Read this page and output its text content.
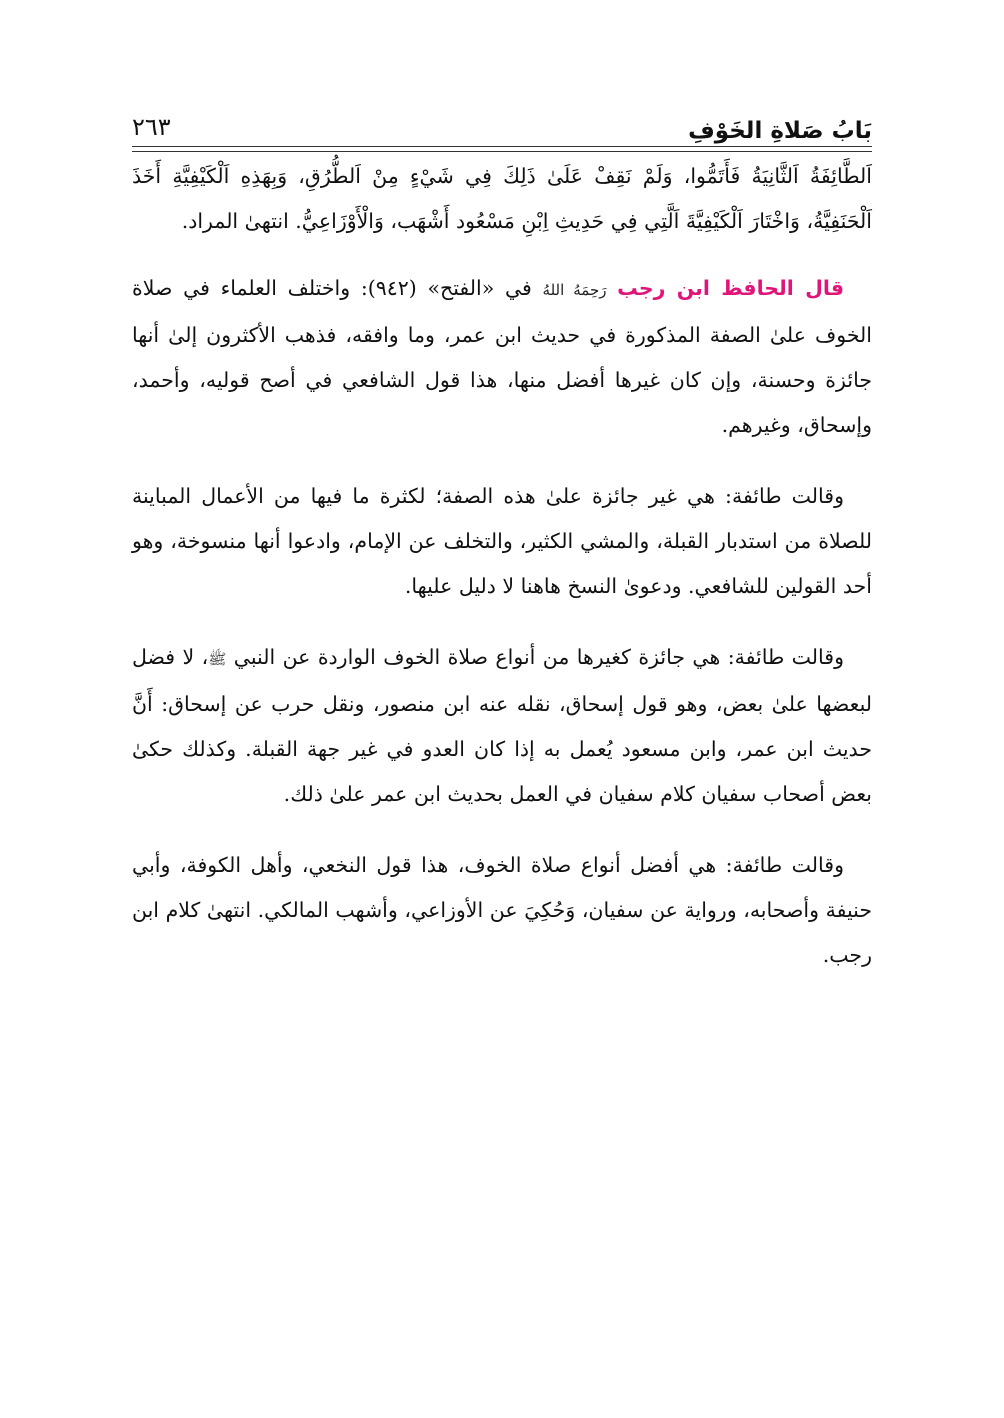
بَابُ صَلاةِ الخَوْفِ
٢٦٣

اَلطَّائِفَةُ اَلثَّانِيَةُ فَأَتَمُّوا، وَلَمْ نَقِفْ عَلَىٰ ذَلِكَ فِي شَيْءٍ مِنْ اَلطُّرُقِ، وَبِهَذِهِ اَلْكَيْفِيَّةِ أَخَذَ اَلْحَنَفِيَّةُ، وَاخْتَارَ اَلْكَيْفِيَّةَ اَلَّتِي فِي حَدِيثِ اِبْنِ مَسْعُود أَشْهَب، وَالْأَوْزَاعِيُّ. انتهىٰ المراد.

قال الحافظ ابن رجب رَحِمَهُ اللهُ في «الفتح» (٩٤٢): واختلف العلماء في صلاة الخوف علىٰ الصفة المذكورة في حديث ابن عمر، وما وافقه، فذهب الأكثرون إلىٰ أنها جائزة وحسنة، وإن كان غيرها أفضل منها، هذا قول الشافعي في أصح قوليه، وأحمد، وإسحاق، وغيرهم.

وقالت طائفة: هي غير جائزة علىٰ هذه الصفة؛ لكثرة ما فيها من الأعمال المباينة للصلاة من استدبار القبلة، والمشي الكثير، والتخلف عن الإمام، وادعوا أنها منسوخة، وهو أحد القولين للشافعي. ودعوىٰ النسخ هاهنا لا دليل عليها.

وقالت طائفة: هي جائزة كغيرها من أنواع صلاة الخوف الواردة عن النبي ﷺ، لا فضل لبعضها علىٰ بعض، وهو قول إسحاق، نقله عنه ابن منصور، ونقل حرب عن إسحاق: أَنَّ حديث ابن عمر، وابن مسعود يُعمل به إذا كان العدو في غير جهة القبلة. وكذلك حكىٰ بعض أصحاب سفيان كلام سفيان في العمل بحديث ابن عمر علىٰ ذلك.

وقالت طائفة: هي أفضل أنواع صلاة الخوف، هذا قول النخعي، وأهل الكوفة، وأبي حنيفة وأصحابه، ورواية عن سفيان، وَحُكِيَ عن الأوزاعي، وأشهب المالكي. انتهىٰ كلام ابن رجب.
